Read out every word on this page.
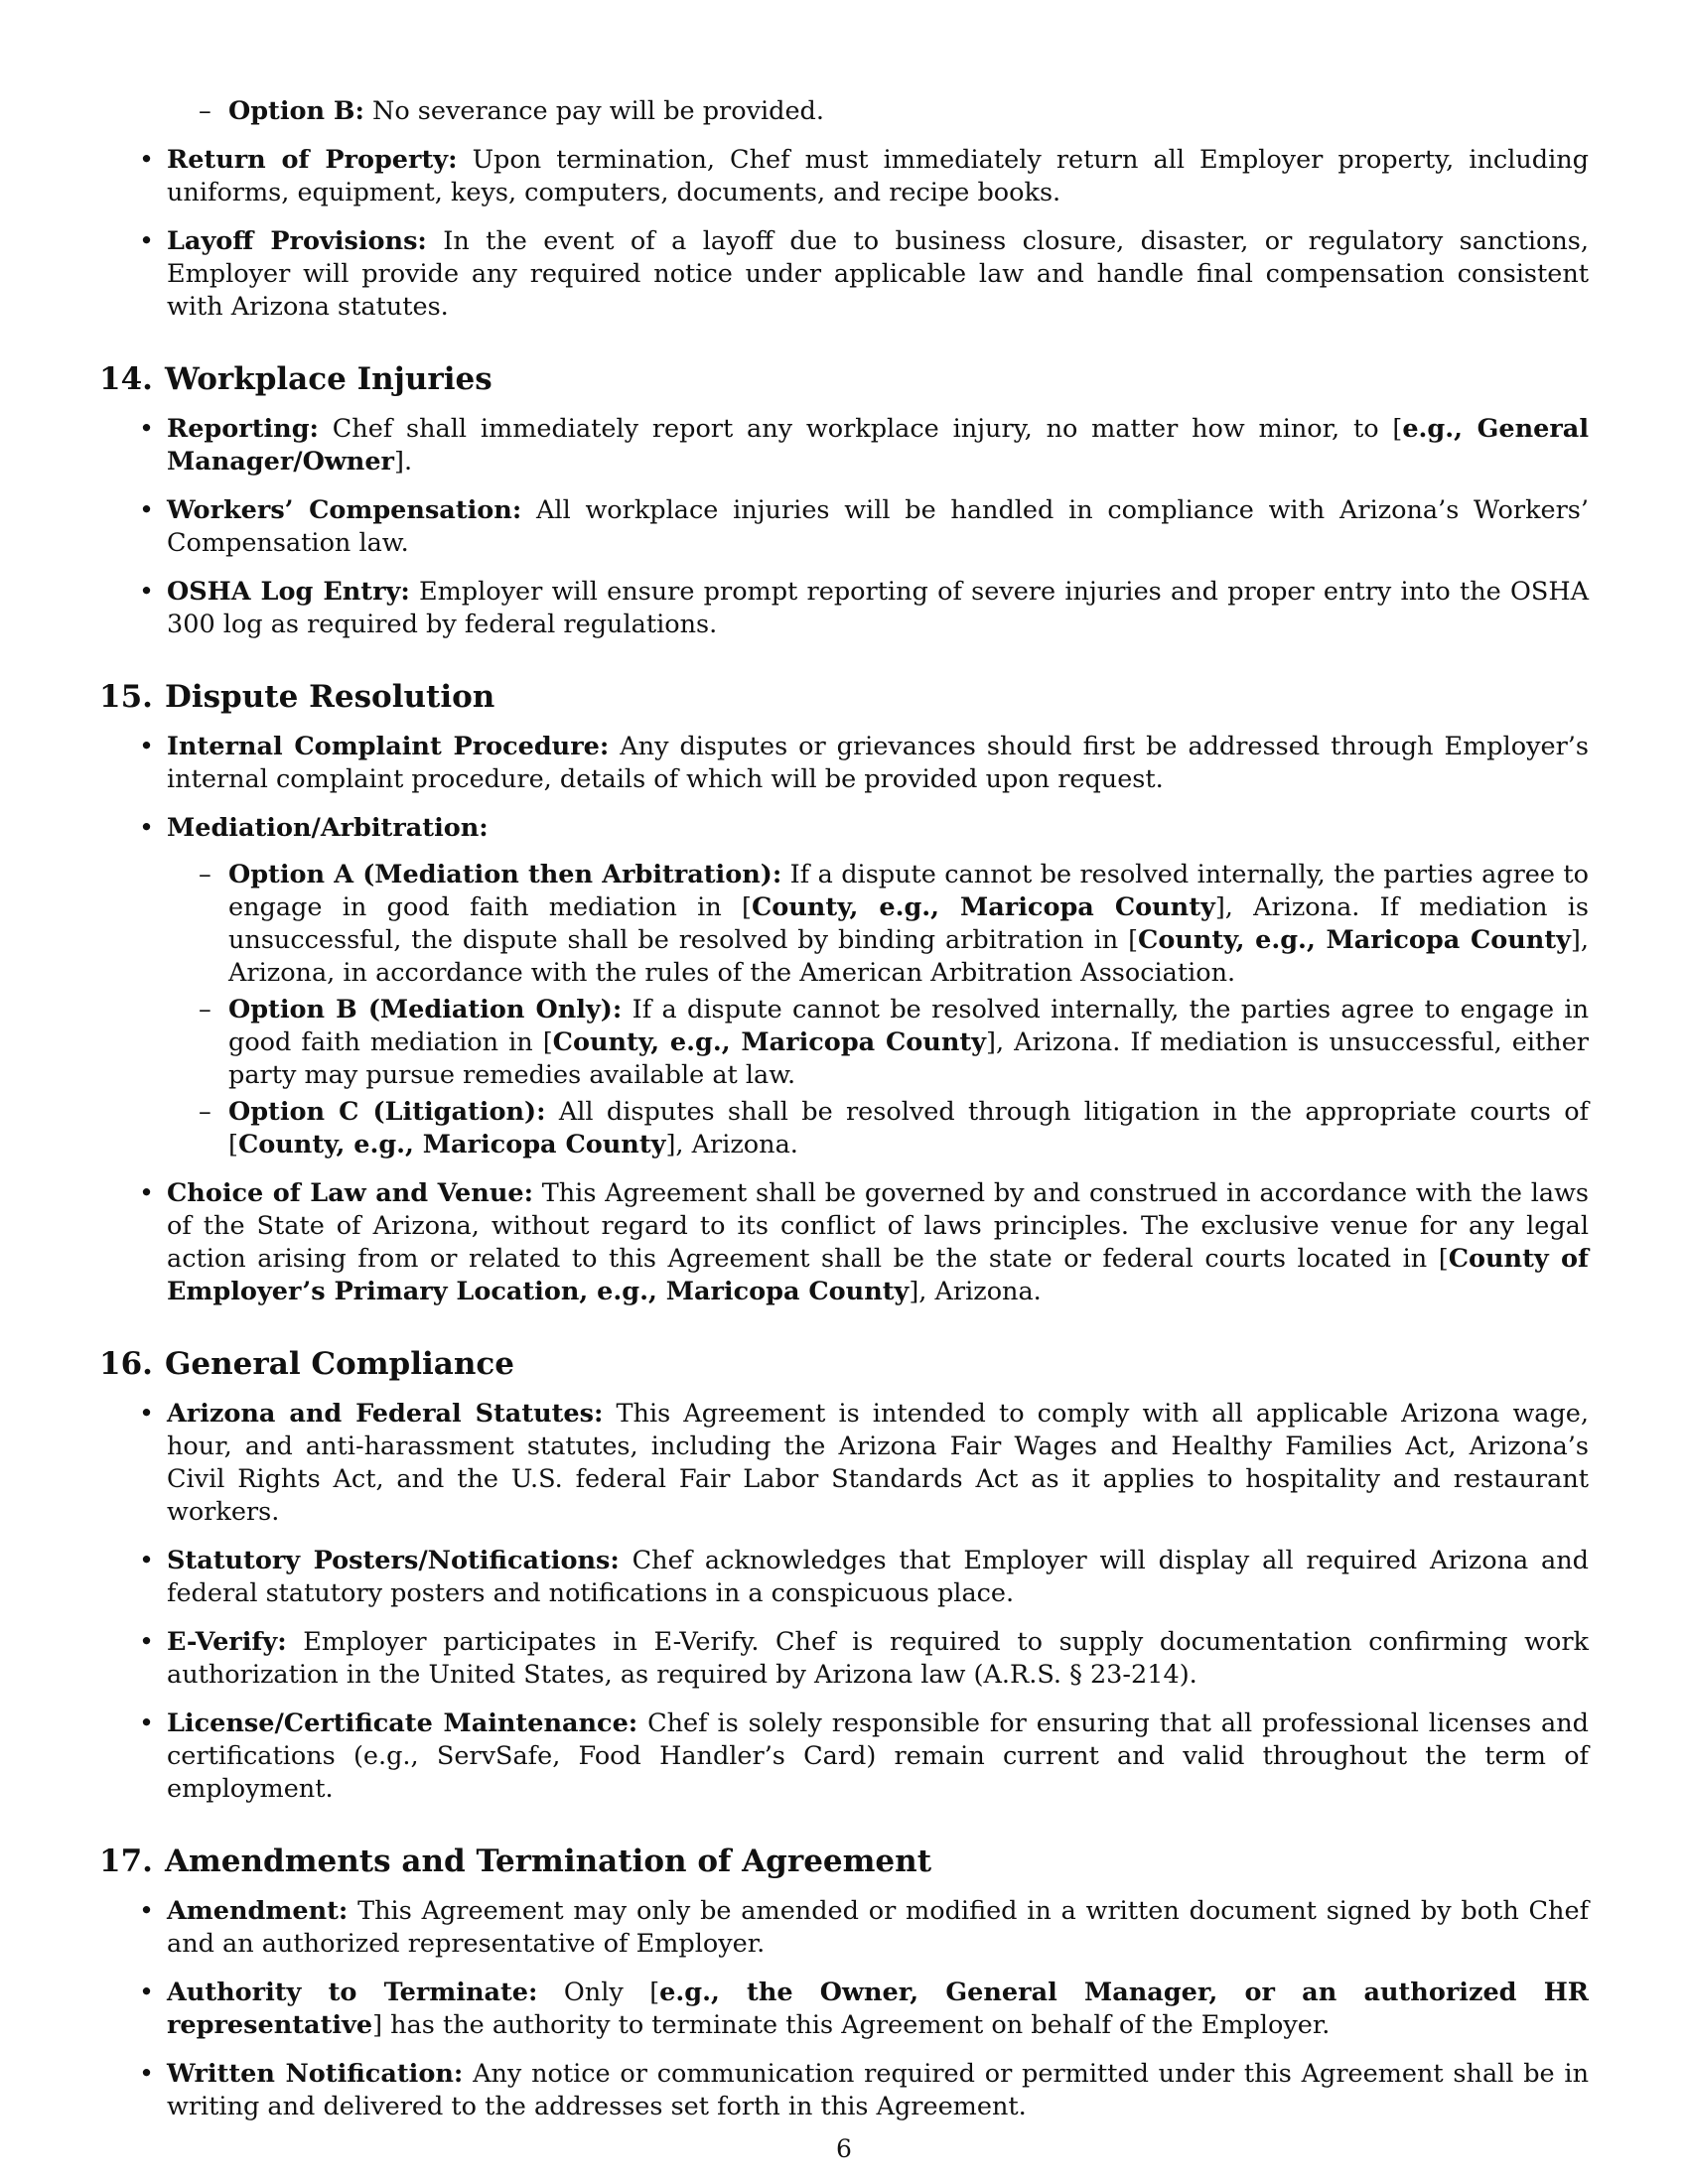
– Option B: No severance pay will be provided.
• Return of Property: Upon termination, Chef must immediately return all Employer property, including uniforms, equipment, keys, computers, documents, and recipe books.
• Layoff Provisions: In the event of a layoff due to business closure, disaster, or regulatory sanctions, Employer will provide any required notice under applicable law and handle final compensation consistent with Arizona statutes.
14. Workplace Injuries
• Reporting: Chef shall immediately report any workplace injury, no matter how minor, to [e.g., General Manager/Owner].
• Workers’ Compensation: All workplace injuries will be handled in compliance with Arizona’s Workers’ Compensation law.
• OSHA Log Entry: Employer will ensure prompt reporting of severe injuries and proper entry into the OSHA 300 log as required by federal regulations.
15. Dispute Resolution
• Internal Complaint Procedure: Any disputes or grievances should first be addressed through Employer’s internal complaint procedure, details of which will be provided upon request.
• Mediation/Arbitration:
– Option A (Mediation then Arbitration): If a dispute cannot be resolved internally, the parties agree to engage in good faith mediation in [County, e.g., Maricopa County], Arizona. If mediation is unsuccessful, the dispute shall be resolved by binding arbitration in [County, e.g., Maricopa County], Arizona, in accordance with the rules of the American Arbitration Association.
– Option B (Mediation Only): If a dispute cannot be resolved internally, the parties agree to engage in good faith mediation in [County, e.g., Maricopa County], Arizona. If mediation is unsuccessful, either party may pursue remedies available at law.
– Option C (Litigation): All disputes shall be resolved through litigation in the appropriate courts of [County, e.g., Maricopa County], Arizona.
• Choice of Law and Venue: This Agreement shall be governed by and construed in accordance with the laws of the State of Arizona, without regard to its conflict of laws principles. The exclusive venue for any legal action arising from or related to this Agreement shall be the state or federal courts located in [County of Employer’s Primary Location, e.g., Maricopa County], Arizona.
16. General Compliance
• Arizona and Federal Statutes: This Agreement is intended to comply with all applicable Arizona wage, hour, and anti-harassment statutes, including the Arizona Fair Wages and Healthy Families Act, Arizona’s Civil Rights Act, and the U.S. federal Fair Labor Standards Act as it applies to hospitality and restaurant workers.
• Statutory Posters/Notifications: Chef acknowledges that Employer will display all required Arizona and federal statutory posters and notifications in a conspicuous place.
• E-Verify: Employer participates in E-Verify. Chef is required to supply documentation confirming work authorization in the United States, as required by Arizona law (A.R.S. § 23-214).
• License/Certificate Maintenance: Chef is solely responsible for ensuring that all professional licenses and certifications (e.g., ServSafe, Food Handler’s Card) remain current and valid throughout the term of employment.
17. Amendments and Termination of Agreement
• Amendment: This Agreement may only be amended or modified in a written document signed by both Chef and an authorized representative of Employer.
• Authority to Terminate: Only [e.g., the Owner, General Manager, or an authorized HR representative] has the authority to terminate this Agreement on behalf of the Employer.
• Written Notification: Any notice or communication required or permitted under this Agreement shall be in writing and delivered to the addresses set forth in this Agreement.
6
